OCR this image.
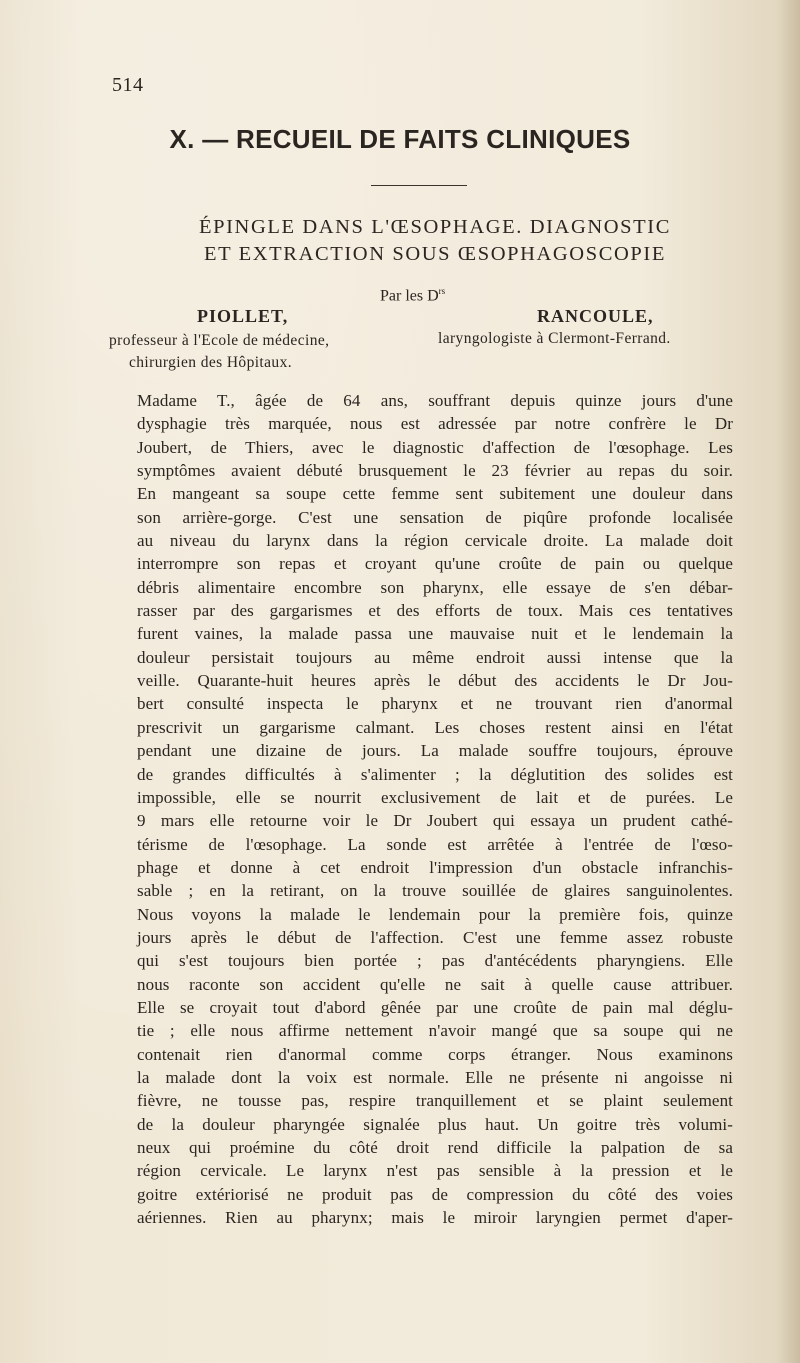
514
X. — RECUEIL DE FAITS CLINIQUES
ÉPINGLE DANS L'ŒSOPHAGE. DIAGNOSTIC
ET EXTRACTION SOUS ŒSOPHAGOSCOPIE
Par les $D^{rs}$
PIOLLET,	RANCOULE,
professeur à l'Ecole de médecine,
chirurgien des Hôpitaux.
laryngologiste à Clermont-Ferrand.

Madame T., âgée de 64 ans, souffrant depuis quinze jours d'une
dysphagie très marquée, nous est adressée par notre confrère le Dr
Joubert, de Thiers, avec le diagnostic d'affection de l'œsophage. Les
symptômes avaient débuté brusquement le 23 février au repas du soir.
En mangeant sa soupe cette femme sent subitement une douleur dans
son arrière-gorge. C'est une sensation de piqûre profonde localisée
au niveau du larynx dans la région cervicale droite. La malade doit
interrompre son repas et croyant qu'une croûte de pain ou quelque
débris alimentaire encombre son pharynx, elle essaye de s'en débar-
rasser par des gargarismes et des efforts de toux. Mais ces tentatives
furent vaines, la malade passa une mauvaise nuit et le lendemain la
douleur persistait toujours au même endroit aussi intense que la
veille. Quarante-huit heures après le début des accidents le Dr Jou-
bert consulté inspecta le pharynx et ne trouvant rien d'anormal
prescrivit un gargarisme calmant. Les choses restent ainsi en l'état
pendant une dizaine de jours. La malade souffre toujours, éprouve
de grandes difficultés à s'alimenter ; la déglutition des solides est
impossible, elle se nourrit exclusivement de lait et de purées. Le
9 mars elle retourne voir le Dr Joubert qui essaya un prudent cathé-
térisme de l'œsophage. La sonde est arrêtée à l'entrée de l'œso-
phage et donne à cet endroit l'impression d'un obstacle infranchis-
sable ; en la retirant, on la trouve souillée de glaires sanguinolentes.

Nous voyons la malade le lendemain pour la première fois, quinze
jours après le début de l'affection. C'est une femme assez robuste
qui s'est toujours bien portée ; pas d'antécédents pharyngiens. Elle
nous raconte son accident qu'elle ne sait à quelle cause attribuer.
Elle se croyait tout d'abord gênée par une croûte de pain mal déglu-
tie ; elle nous affirme nettement n'avoir mangé que sa soupe qui ne
contenait rien d'anormal comme corps étranger. Nous examinons
la malade dont la voix est normale. Elle ne présente ni angoisse ni
fièvre, ne tousse pas, respire tranquillement et se plaint seulement
de la douleur pharyngée signalée plus haut. Un goitre très volumi-
neux qui proémine du côté droit rend difficile la palpation de sa
région cervicale. Le larynx n'est pas sensible à la pression et le
goitre extériorisé ne produit pas de compression du côté des voies
aériennes. Rien au pharynx; mais le miroir laryngien permet d'aper-
